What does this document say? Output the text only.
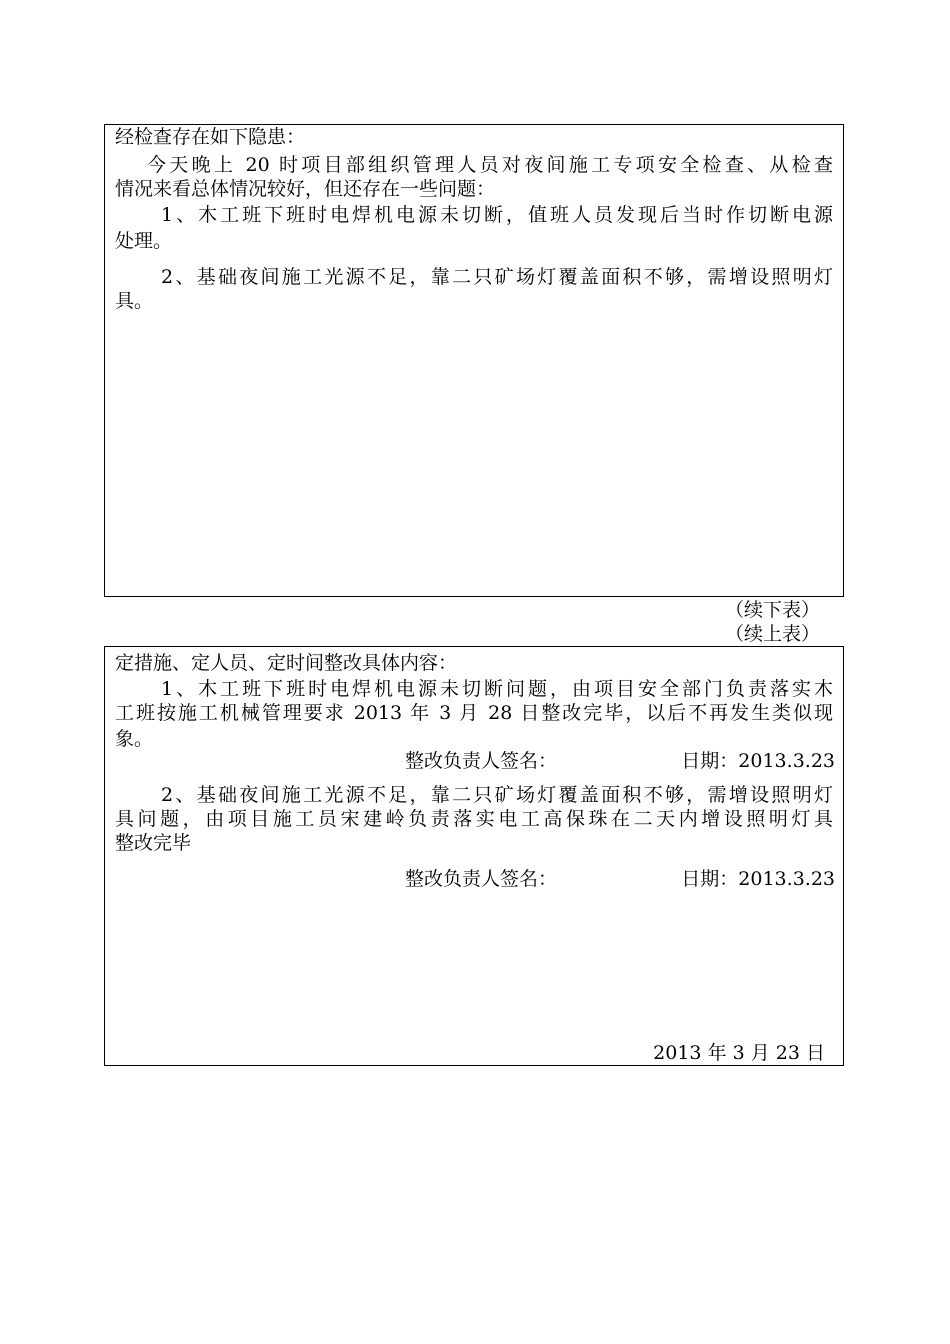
经检查存在如下隐患：
今天晚上 20 时项目部组织管理人员对夜间施工专项安全检查、从检查
情况来看总体情况较好，但还存在一些问题：
1、木工班下班时电焊机电源未切断，值班人员发现后当时作切断电源
处理。
2、基础夜间施工光源不足，靠二只矿场灯覆盖面积不够，需增设照明灯
具。
（续下表）
（续上表）
定措施、定人员、定时间整改具体内容：
1、木工班下班时电焊机电源未切断问题，由项目安全部门负责落实木
工班按施工机械管理要求 2013 年 3 月 28 日整改完毕，以后不再发生类似现
象。
整改负责人签名：	日期：2013.3.23
2、基础夜间施工光源不足，靠二只矿场灯覆盖面积不够，需增设照明灯
具问题，由项目施工员宋建岭负责落实电工高保珠在二天内增设照明灯具
整改完毕
整改负责人签名：	日期：2013.3.23
2013 年 3 月 23 日
